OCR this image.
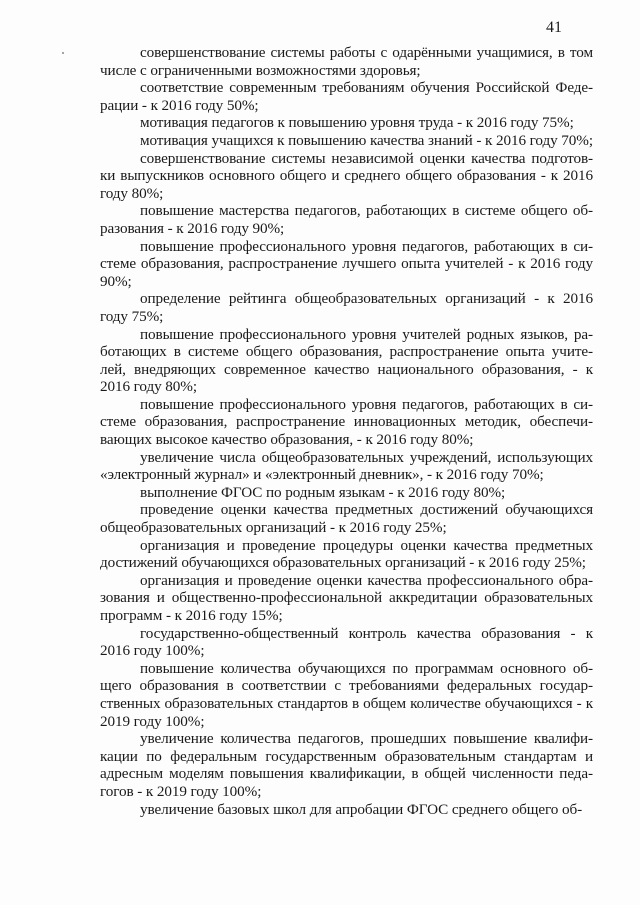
41

совершенствование системы работы с одарёнными учащимися, в том числе с ограниченными возможностями здоровья;

соответствие современным требованиям обучения Российской Феде-рации - к 2016 году 50%;

мотивация педагогов к повышению уровня труда - к 2016 году 75%;

мотивация учащихся к повышению качества знаний - к 2016 году 70%;

совершенствование системы независимой оценки качества подготов-ки выпускников основного общего и среднего общего образования - к 2016 году 80%;

повышение мастерства педагогов, работающих в системе общего об-разования - к 2016 году 90%;

повышение профессионального уровня педагогов, работающих в си-стеме образования, распространение лучшего опыта учителей - к 2016 году 90%;

определение рейтинга общеобразовательных организаций - к 2016 году 75%;

повышение профессионального уровня учителей родных языков, ра-ботающих в системе общего образования, распространение опыта учите-лей, внедряющих современное качество национального образования, - к 2016 году 80%;

повышение профессионального уровня педагогов, работающих в си-стеме образования, распространение инновационных методик, обеспечи-вающих высокое качество образования, - к 2016 году 80%;

увеличение числа общеобразовательных учреждений, использующих «электронный журнал» и «электронный дневник», - к 2016 году 70%;

выполнение ФГОС по родным языкам - к 2016 году 80%;

проведение оценки качества предметных достижений обучающихся общеобразовательных организаций - к 2016 году 25%;

организация и проведение процедуры оценки качества предметных достижений обучающихся образовательных организаций - к 2016 году 25%;

организация и проведение оценки качества профессионального обра-зования и общественно-профессиональной аккредитации образовательных программ - к 2016 году 15%;

государственно-общественный контроль качества образования - к 2016 году 100%;

повышение количества обучающихся по программам основного об-щего образования в соответствии с требованиями федеральных государ-ственных образовательных стандартов в общем количестве обучающихся - к 2019 году 100%;

увеличение количества педагогов, прошедших повышение квалифи-кации по федеральным государственным образовательным стандартам и адресным моделям повышения квалификации, в общей численности педа-гогов - к 2019 году 100%;

увеличение базовых школ для апробации ФГОС среднего общего об-
